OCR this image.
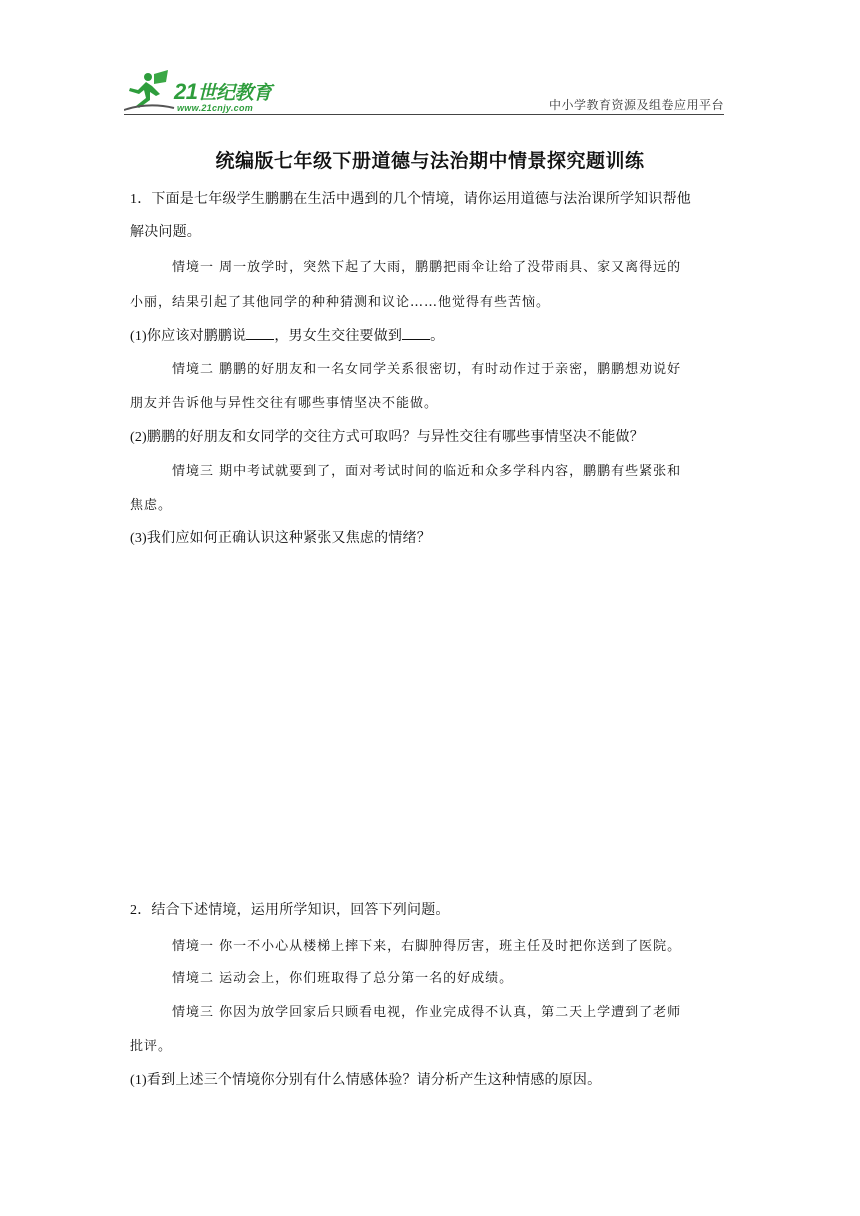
21世纪教育
www.21cnjy.com	中小学教育资源及组卷应用平台
统编版七年级下册道德与法治期中情景探究题训练
1．下面是七年级学生鹏鹏在生活中遇到的几个情境，请你运用道德与法治课所学知识帮他
解决问题。
情境一 周一放学时，突然下起了大雨，鹏鹏把雨伞让给了没带雨具、家又离得远的
小丽，结果引起了其他同学的种种猜测和议论……他觉得有些苦恼。
(1)你应该对鹏鹏说 ，男女生交往要做到 。
情境二 鹏鹏的好朋友和一名女同学关系很密切，有时动作过于亲密，鹏鹏想劝说好
朋友并告诉他与异性交往有哪些事情坚决不能做。
(2)鹏鹏的好朋友和女同学的交往方式可取吗？与异性交往有哪些事情坚决不能做？
情境三 期中考试就要到了，面对考试时间的临近和众多学科内容，鹏鹏有些紧张和
焦虑。
(3)我们应如何正确认识这种紧张又焦虑的情绪？
2．结合下述情境，运用所学知识，回答下列问题。
情境一 你一不小心从楼梯上摔下来，右脚肿得厉害，班主任及时把你送到了医院。
情境二 运动会上，你们班取得了总分第一名的好成绩。
情境三 你因为放学回家后只顾看电视，作业完成得不认真，第二天上学遭到了老师
批评。
(1)看到上述三个情境你分别有什么情感体验？请分析产生这种情感的原因。
